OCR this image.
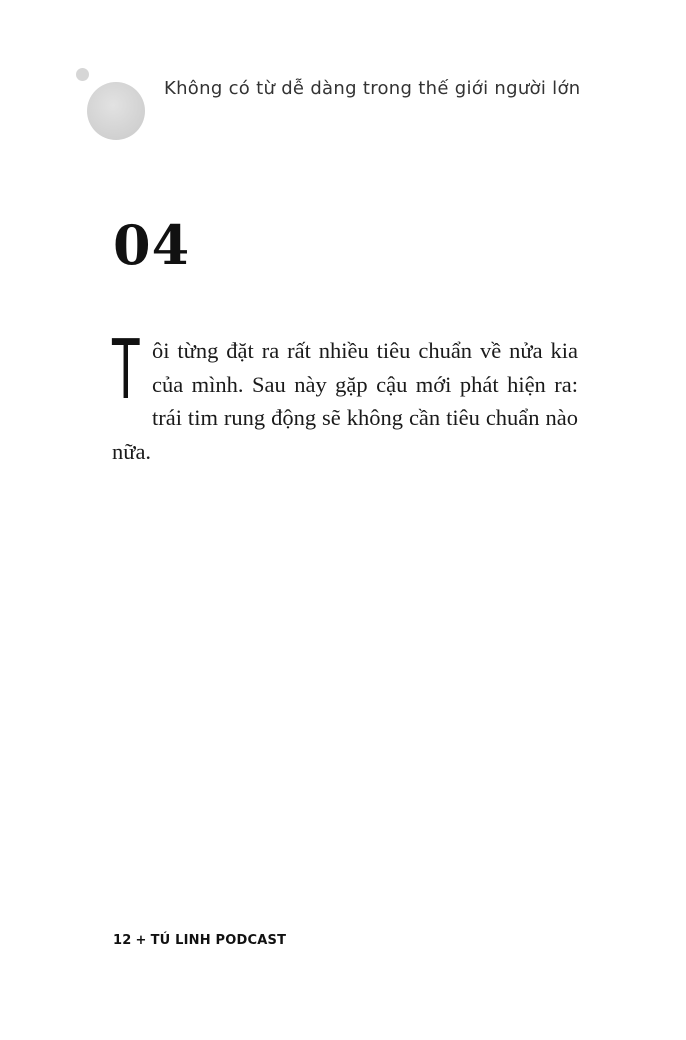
Không có từ dễ dàng trong thế giới người lớn
04
Tôi từng đặt ra rất nhiều tiêu chuẩn về nửa kia của mình. Sau này gặp cậu mới phát hiện ra: trái tim rung động sẽ không cần tiêu chuẩn nào nữa.
12 + TÚ LINH PODCAST
